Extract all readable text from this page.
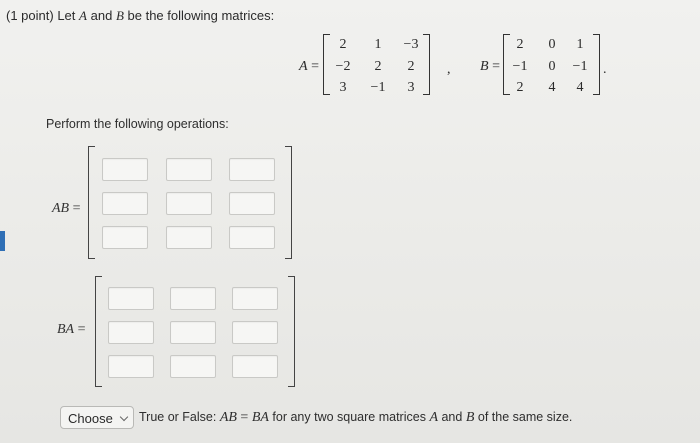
(1 point) Let A and B be the following matrices:
A =
2	1	−3
−2	2	2
3	−1	3
, B =
2	0	1
−1	0	−1
2	4	4
.
Perform the following operations:
AB =
BA =
Choose True or False: AB = BA for any two square matrices A and B of the same size.
